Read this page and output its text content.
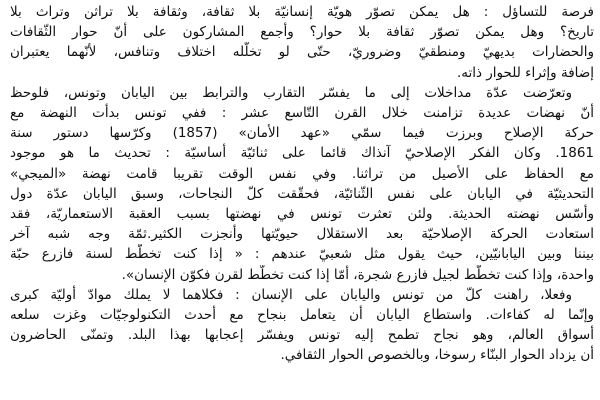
فرصة للتساؤل : هل يمكن تصوّر هويّة إنسانيّة بلا ثقافة، وثقافة بلا تراثن وتراث بلا
تاريخ؟ وهل يمكن تصوّر ثقافة بلا حوار؟ وأجمع المشاركون على أنّ حوار الثّقافات
والحضارات بديهيّ ومنطقيّ وضروريّ، حتّى لو تخلّله اختلاف وتنافس، لأنّهما يعتبران
إضافة وإثراء للحوار ذاته.
وتعرّضت عدّة مداخلات إلى ما يفسّر التقارب والترابط بين اليابان وتونس، فلوحظ
أنّ نهضات عديدة تزامنت خلال القرن التّاسع عشر : ففي تونس بدأت النهضة مع
حركة الإصلاح وبرزت فيما سمّي «عهد الأمان» (1857) وكرّسها دستور سنة
1861. وكان الفكر الإصلاحيّ آنذاك قائما على ثنائيّة أساسيّة : تحديث ما هو موجود
مع الحفاظ على الأصيل من تراثنا. وفي نفس الوقت تقريبا قامت نهضة «الميجي»
التحديثيّة في اليابان على نفس الثّنائيّة، فحقّقت كلّ النجاحات، وسبق اليابان عدّة دول
وأسّس نهضته الحديثة. ولئن تعثرت تونس في نهضتها بسبب العقبة الاستعماريّة، فقد
استعادت الحركة الإصلاحيّة بعد الاستقلال حيويّتها وأنجزت الكثير.ثمّة وجه شبه آخر
بيننا وبين اليابانيّين، حيث يقول مثل شعبيّ عندهم : « إذا كنت تخطّط لسنة فازرع حبّة
واحدة، وإذا كنت تخطّط لجيل فازرع شجرة، أمّا إذا كنت تخطّط لقرن فكوّن الإنسان».
وفعلا، راهنت كلّ من تونس واليابان على الإنسان : فكلاهما لا يملك موادّ أوليّة كبرى
وإنّما له كفاءات. واستطاع اليابان أن يتعامل بنجاح مع أحدث التكنولوجيّات وغزت سلعه
أسواق العالم، وهو نجاح تطمح إليه تونس ويفسّر إعجابها بهذا البلد. وتمنّى الحاضرون
أن يزداد الحوار البنّاء رسوخا، وبالخصوص الحوار الثقافي.
